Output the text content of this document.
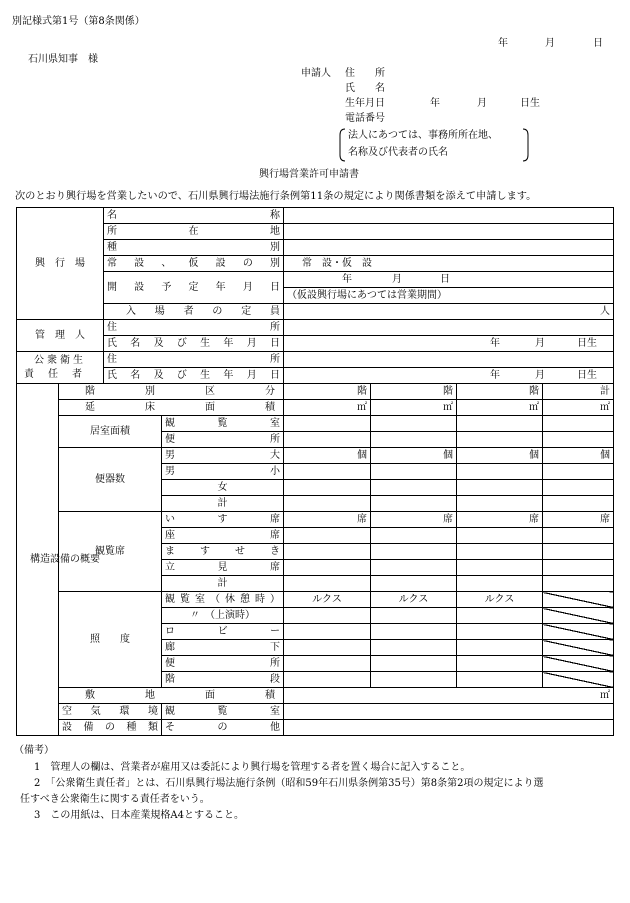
別記様式第1号（第8条関係）
年	月	日
石川県知事　様
申請人 住　　所
氏　　名
生年月日	年	月	日生
電話番号
法人にあつては、事務所所在地、
名称及び代表者の氏名
興行場営業許可申請書
次のとおり興行場を営業したいので、石川県興行場法施行条例第11条の規定により関係書類を添えて申請します。
興　行　場		名称					
		所在地					
		種別					
		常設、仮設の別		常　設・仮　設			
		開設予定年月日		年 月 日			
				（仮設興行場にあつては営業期間）			
		入場者の定員		人			
管　理　人		住所					
		氏名及び生年月日		年 月 日生			

公衆衛生
責任者		住所					
		氏名及び生年月日		年 月 日生			
構造設備の概要	階別区分			階	階	階	計
	延床面積			㎡	㎡	㎡	㎡
	居室面積		観覧室				
			便所				
	便器数		男　　　大	個	個	個	個
			男　　　小				
			女				
			計				
	観覧席		いす席	席	席	席	席
			座席				
			ますせき				
			立見席				
			計				
	照　　度		観覧室（休憩時）	ルクス	ルクス	ルクス	
			〃　（上演時）				
			ロビー				
			廊下				
			便所				
			階段				
	敷地面積			㎡			
	空気環境		観覧室				
	設備の種類		その他				
（備考）
1　管理人の欄は、営業者が雇用又は委託により興行場を管理する者を置く場合に記入すること。
2　「公衆衛生責任者」とは、石川県興行場法施行条例（昭和59年石川県条例第35号）第8条第2項の規定により選
任すべき公衆衛生に関する責任者をいう。
3　この用紙は、日本産業規格A4とすること。
